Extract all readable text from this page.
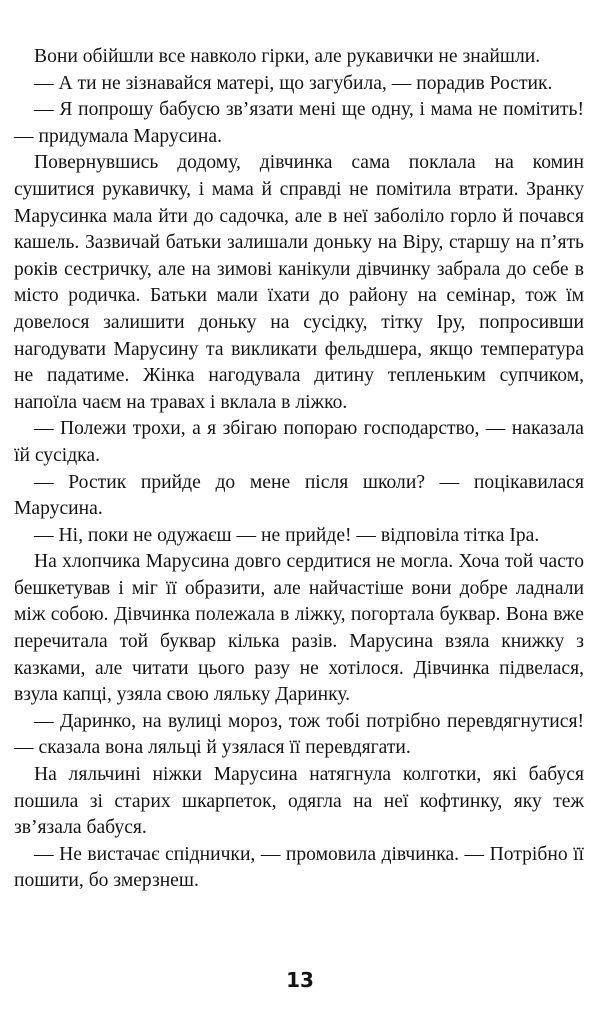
Вони обійшли все навколо гірки, але рукавички не знайшли.

— А ти не зізнавайся матері, що загубила, — порадив Ростик.

— Я попрошу бабусю зв’язати мені ще одну, і мама не помітить! — придумала Марусина.

Повернувшись додому, дівчинка сама поклала на комин сушитися рукавичку, і мама й справді не помітила втрати. Зранку Марусинка мала йти до садочка, але в неї заболіло горло й почався кашель. Зазвичай батьки залишали доньку на Віру, старшу на п’ять років сестричку, але на зимові канікули дівчинку забрала до себе в місто родичка. Батьки мали їхати до району на семінар, тож їм довелося залишити доньку на сусідку, тітку Іру, попросивши нагодувати Марусину та викликати фельдшера, якщо температура не падатиме. Жінка нагодувала дитину тепленьким супчиком, напоїла чаєм на травах і вклала в ліжко.

— Полежи трохи, а я збігаю попораю господарство, — наказала їй сусідка.

— Ростик прийде до мене після школи? — поцікавилася Марусина.

— Ні, поки не одужаєш — не прийде! — відповіла тітка Іра.

На хлопчика Марусина довго сердитися не могла. Хоча той часто бешкетував і міг її образити, але найчастіше вони добре ладнали між собою. Дівчинка полежала в ліжку, погортала буквар. Вона вже перечитала той буквар кілька разів. Марусина взяла книжку з казками, але читати цього разу не хотілося. Дівчинка підвелася, взула капці, узяла свою ляльку Даринку.

— Даринко, на вулиці мороз, тож тобі потрібно перевдягнутися! — сказала вона ляльці й узялася її перевдягати.

На ляльчині ніжки Марусина натягнула колготки, які бабуся пошила зі старих шкарпеток, одягла на неї кофтинку, яку теж зв’язала бабуся.

— Не вистачає спіднички, — промовила дівчинка. — Потрібно її пошити, бо змерзнеш.

13
